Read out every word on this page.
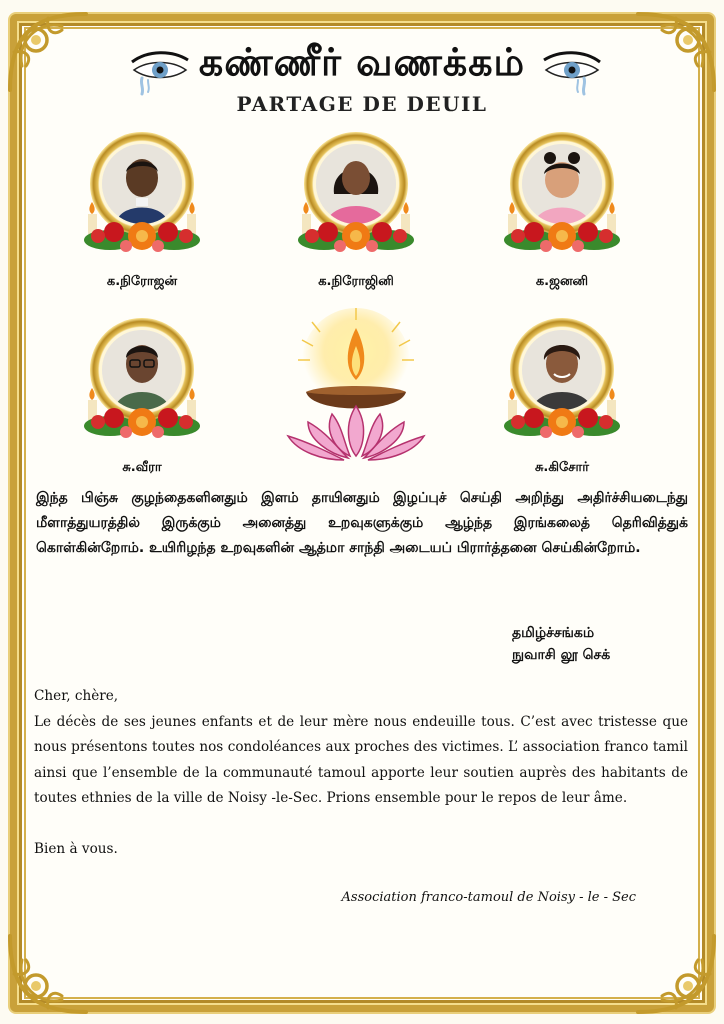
கண்ணீர் வணக்கம்
PARTAGE DE DEUIL
க.நிரோஜன்	க.நிரோஜினி	க.ஜனனி
சு.வீரா	சு.கிசோர்
இந்த பிஞ்சு குழந்தைகளினதும் இளம் தாயினதும் இழப்புச் செய்தி அறிந்து அதிர்ச்சியடைந்து மீளாத்துயரத்தில் இருக்கும் அனைத்து உறவுகளுக்கும் ஆழ்ந்த இரங்கலைத் தெரிவித்துக் கொள்கின்றோம். உயிரிழந்த உறவுகளின் ஆத்மா சாந்தி அடையப் பிரார்த்தனை செய்கின்றோம்.
தமிழ்ச்சங்கம்
நுவாசி லூ செக்

Cher, chère,

Le décès de ses jeunes enfants et de leur mère nous endeuille tous. C’est avec tristesse que nous présentons toutes nos condoléances aux proches des victimes. L’ association franco tamil ainsi que l’ensemble de la communauté tamoul apporte leur soutien auprès des habitants de toutes ethnies de la ville de Noisy -le-Sec. Prions ensemble pour le repos de leur âme.

Bien à vous.

Association franco-tamoul de Noisy - le - Sec
